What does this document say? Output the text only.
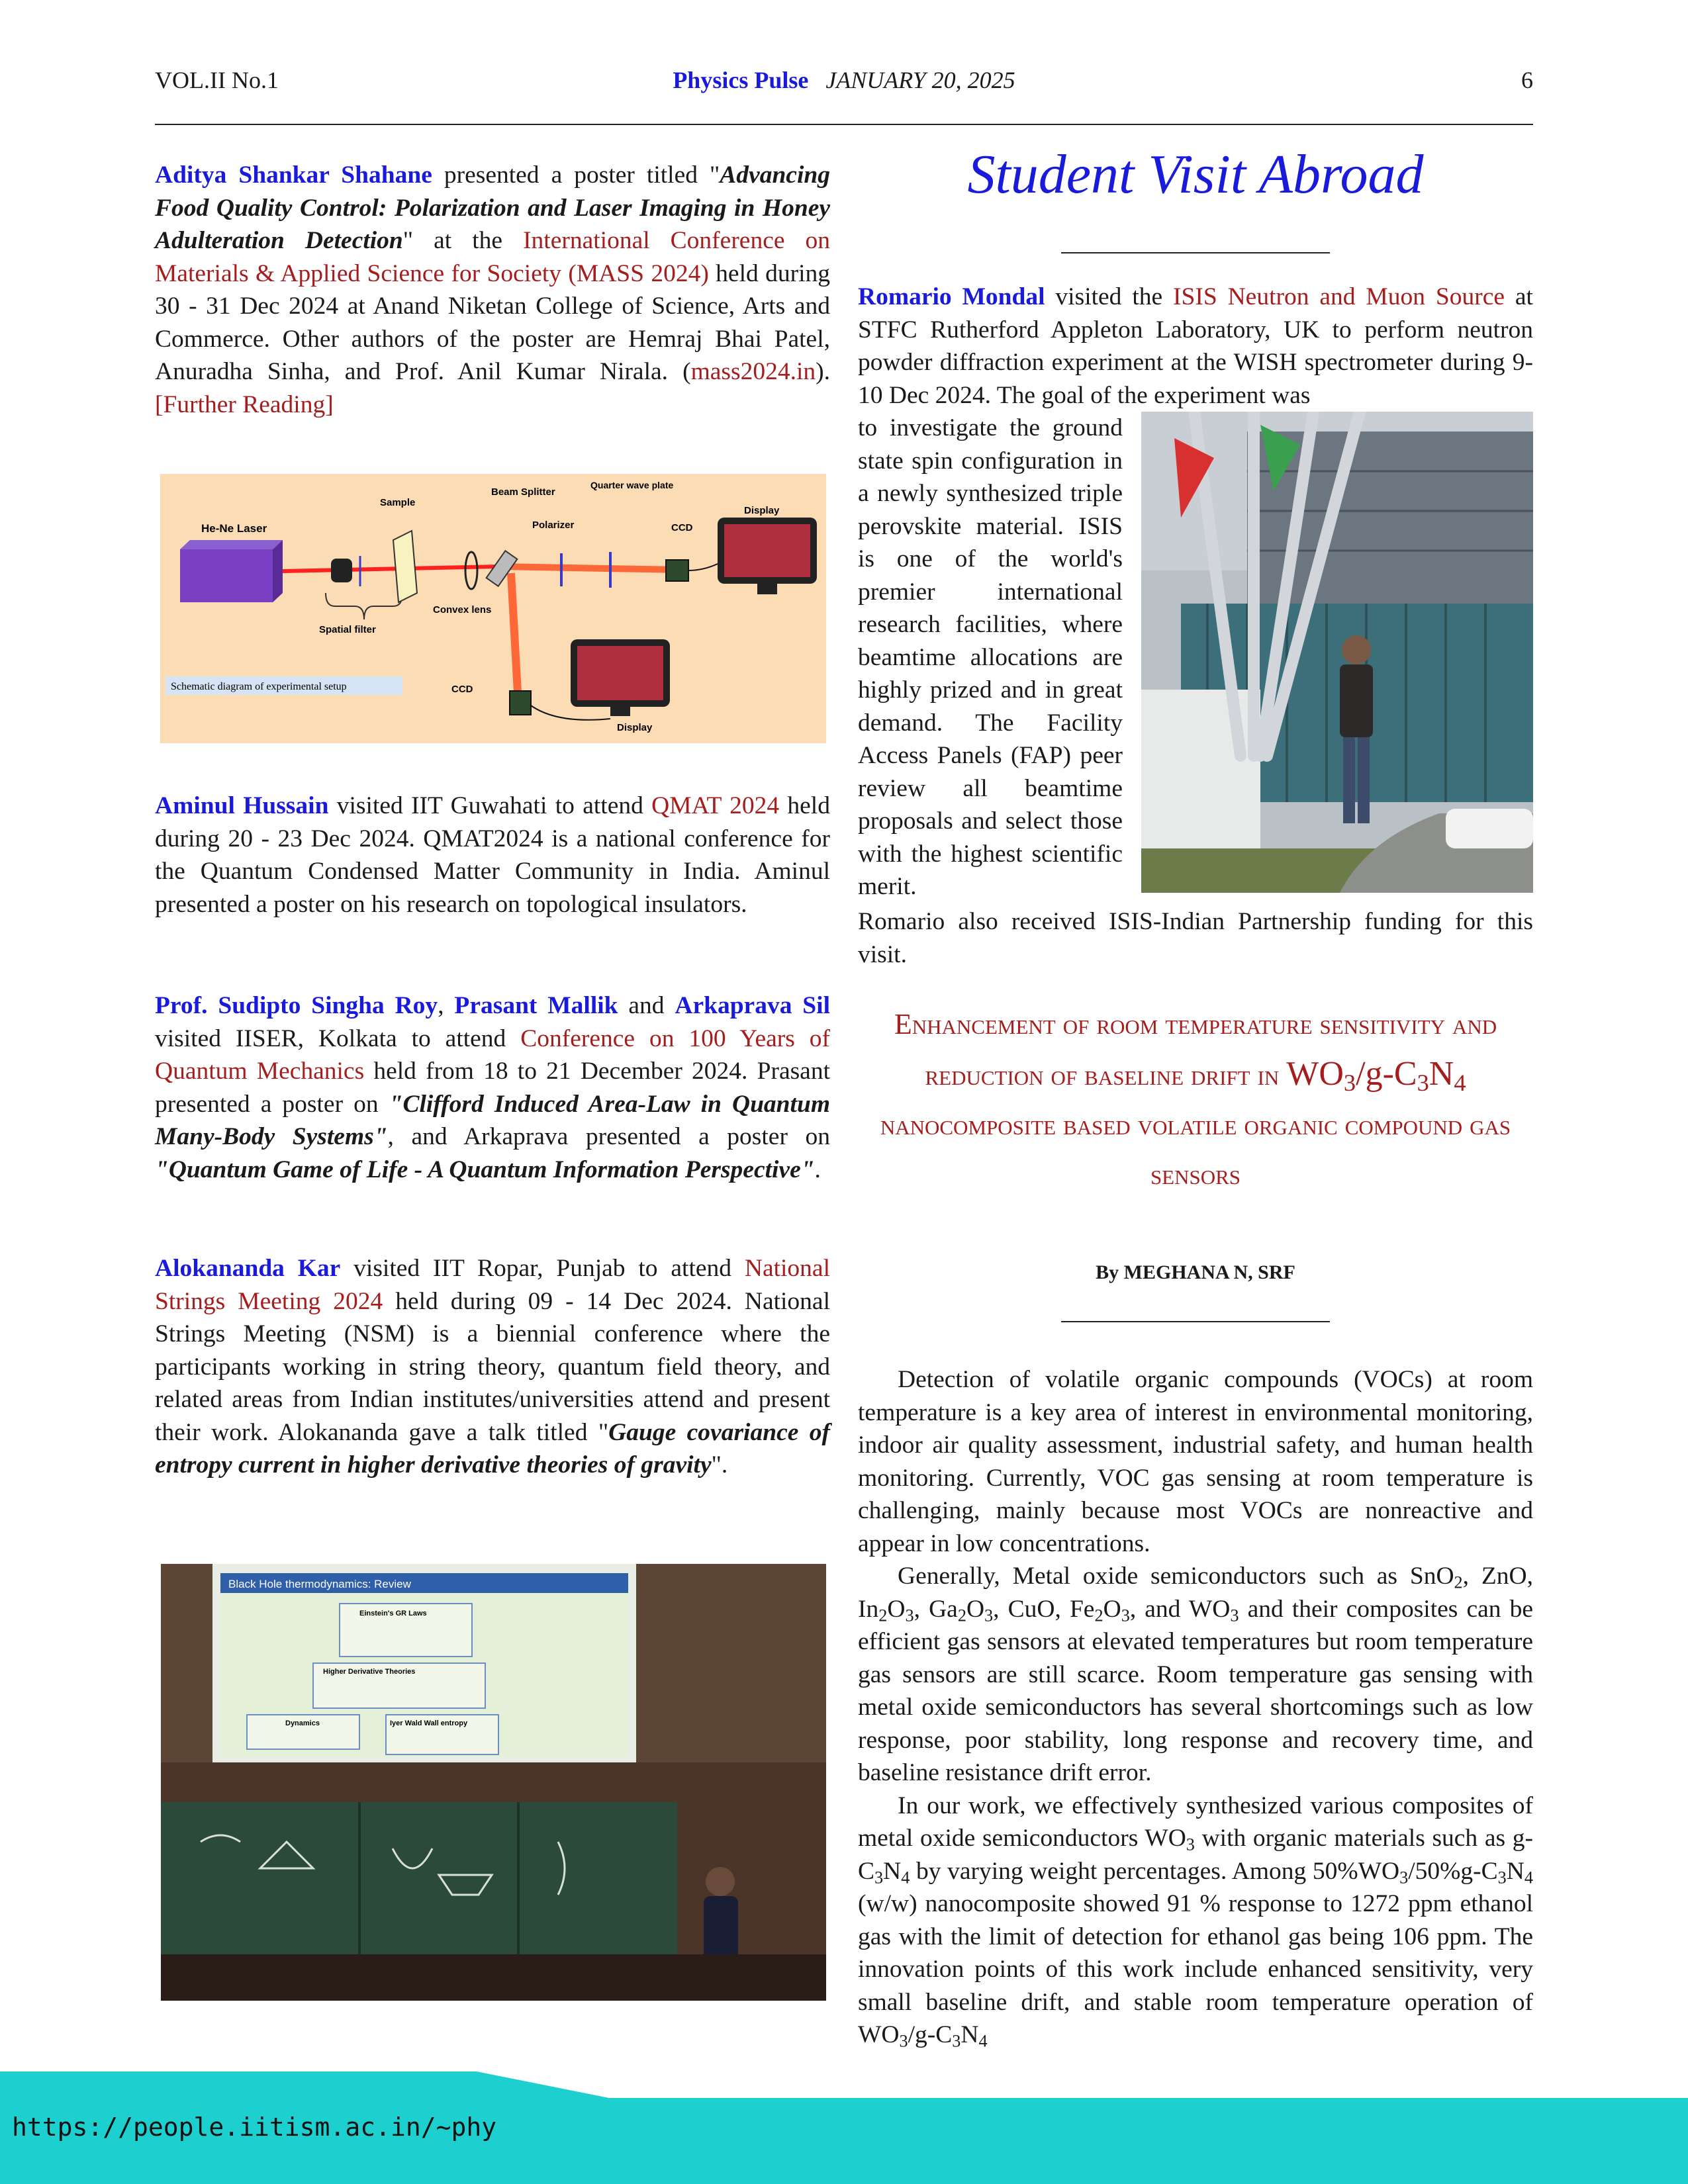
VOL.II No.1	Physics Pulse JANUARY 20, 2025	6

Aditya Shankar Shahane presented a poster titled "Advancing Food Quality Control: Polarization and Laser Imaging in Honey Adulteration Detection" at the International Conference on Materials & Applied Science for Society (MASS 2024) held during 30 - 31 Dec 2024 at Anand Niketan College of Science, Arts and Commerce. Other authors of the poster are Hemraj Bhai Patel, Anuradha Sinha, and Prof. Anil Kumar Nirala. (mass2024.in). [Further Reading]

He-Ne Laser
Sample
Beam Splitter
Polarizer
Quarter wave plate
CCD
Display
Convex lens
Spatial filter
CCD
Display
Schematic diagram of experimental setup

Aminul Hussain visited IIT Guwahati to attend QMAT 2024 held during 20 - 23 Dec 2024. QMAT2024 is a national conference for the Quantum Condensed Matter Community in India. Aminul presented a poster on his research on topological insulators.

Prof. Sudipto Singha Roy, Prasant Mallik and Arkaprava Sil visited IISER, Kolkata to attend Conference on 100 Years of Quantum Mechanics held from 18 to 21 December 2024. Prasant presented a poster on "Clifford Induced Area-Law in Quantum Many-Body Systems", and Arkaprava presented a poster on "Quantum Game of Life - A Quantum Information Perspective".

Alokananda Kar visited IIT Ropar, Punjab to attend National Strings Meeting 2024 held during 09 - 14 Dec 2024. National Strings Meeting (NSM) is a biennial conference where the participants working in string theory, quantum field theory, and related areas from Indian institutes/universities attend and present their work. Alokananda gave a talk titled "Gauge covariance of entropy current in higher derivative theories of gravity".

Black Hole thermodynamics: Review
Einstein's GR Laws
Higher Derivative Theories
Dynamics	Iyer Wald Wall entropy
Student Visit Abroad

Romario Mondal visited the ISIS Neutron and Muon Source at STFC Rutherford Appleton Laboratory, UK to perform neutron powder diffraction experiment at the WISH spectrometer during 9-10 Dec 2024. The goal of the experiment was

to investigate the ground state spin configuration in a newly synthesized triple perovskite material. ISIS is one of the world's premier international research facilities, where beamtime allocations are highly prized and in great demand. The Facility Access Panels (FAP) peer review all beamtime proposals and select those with the highest scientific merit.

Romario also received ISIS-Indian Partnership funding for this visit.

Enhancement of room temperature sensitivity and reduction of baseline drift in $WO_3/g-C_3N_4$ nanocomposite based volatile organic compound gas sensors
By MEGHANA N, SRF

Detection of volatile organic compounds (VOCs) at room temperature is a key area of interest in environmental monitoring, indoor air quality assessment, industrial safety, and human health monitoring. Currently, VOC gas sensing at room temperature is challenging, mainly because most VOCs are nonreactive and appear in low concentrations.

Generally, Metal oxide semiconductors such as SnO$_2$, ZnO, $In_2O_3$, $Ga_2O_3$, CuO, $Fe_2O_3$, and $WO_3$ and their composites can be efficient gas sensors at elevated temperatures but room temperature gas sensors are still scarce. Room temperature gas sensing with metal oxide semiconductors has several shortcomings such as low response, poor stability, long response and recovery time, and baseline resistance drift error.

In our work, we effectively synthesized various composites of metal oxide semiconductors $WO_3$ with organic materials such as $g-C_3N_4$ by varying weight percentages. Among $50\%WO_3/50\%g-C_3N_4$ (w/w) nanocomposite showed 91 % response to 1272 ppm ethanol gas with the limit of detection for ethanol gas being 106 ppm. The innovation points of this work include enhanced sensitivity, very small baseline drift, and stable room temperature operation of $WO_3/g-C_3N_4$

https://people.iitism.ac.in/~phy
